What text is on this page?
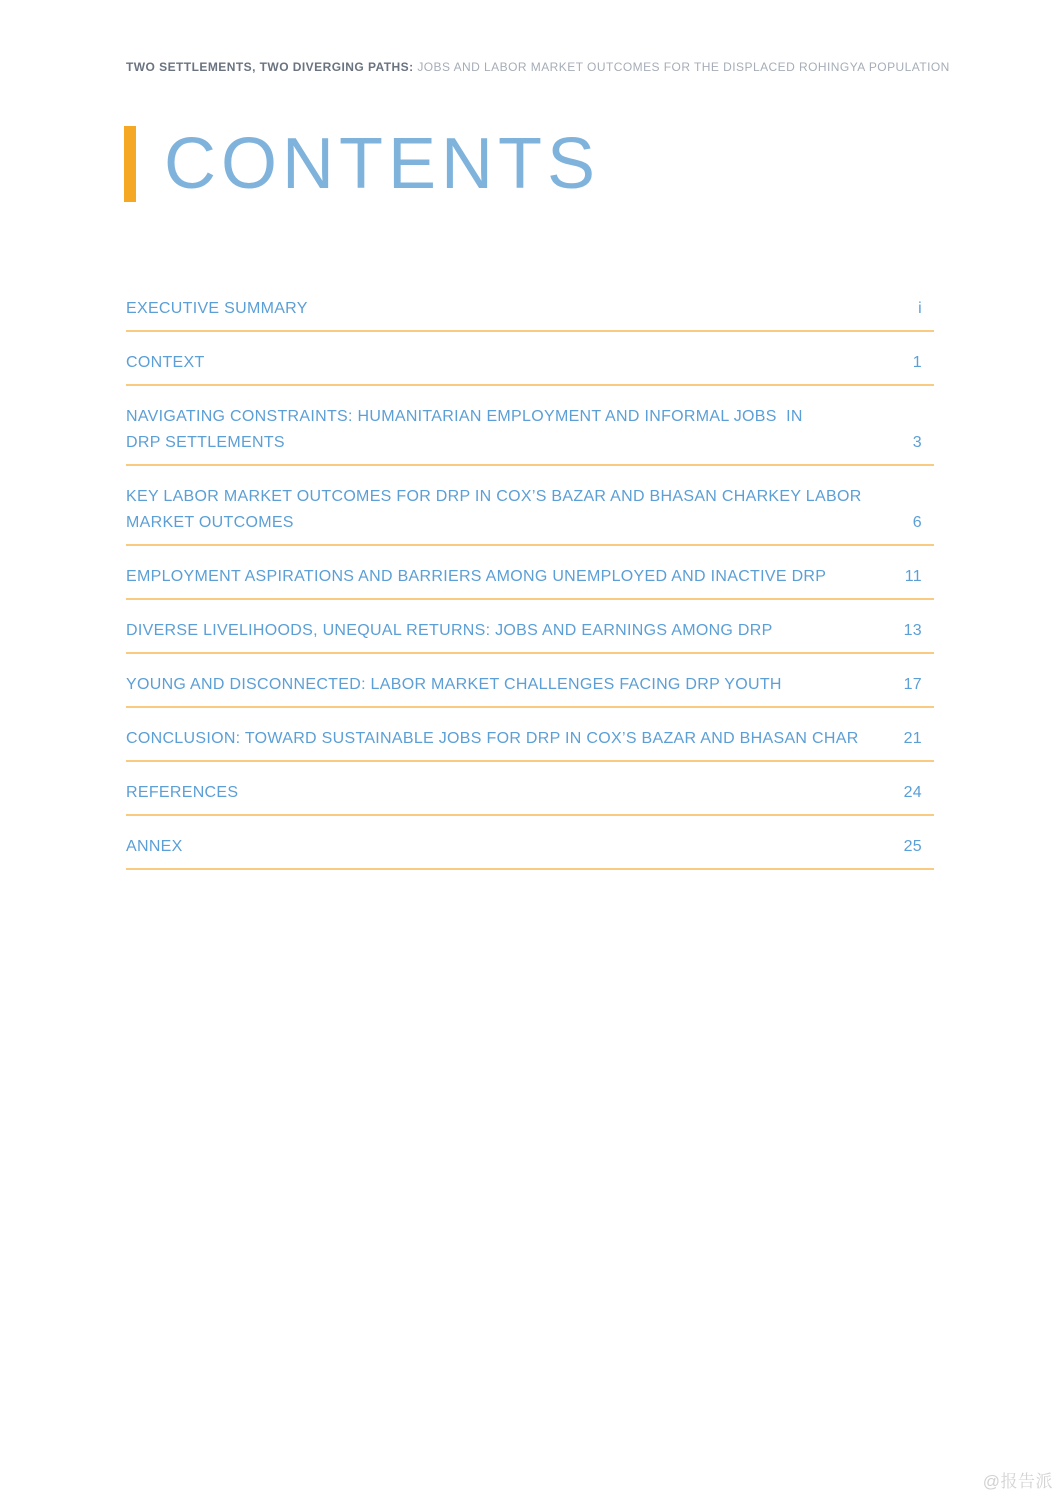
TWO SETTLEMENTS, TWO DIVERGING PATHS: JOBS AND LABOR MARKET OUTCOMES FOR THE DISPLACED ROHINGYA POPULATION
CONTENTS
EXECUTIVE SUMMARY	i
CONTEXT	1
NAVIGATING CONSTRAINTS: HUMANITARIAN EMPLOYMENT AND INFORMAL JOBS  IN
DRP SETTLEMENTS	3
KEY LABOR MARKET OUTCOMES FOR DRP IN COX’S BAZAR AND BHASAN CHARKEY LABOR
MARKET OUTCOMES	6
EMPLOYMENT ASPIRATIONS AND BARRIERS AMONG UNEMPLOYED AND INACTIVE DRP	11
DIVERSE LIVELIHOODS, UNEQUAL RETURNS: JOBS AND EARNINGS AMONG DRP	13
YOUNG AND DISCONNECTED: LABOR MARKET CHALLENGES FACING DRP YOUTH	17
CONCLUSION: TOWARD SUSTAINABLE JOBS FOR DRP IN COX’S BAZAR AND BHASAN CHAR	21
REFERENCES	24
ANNEX	25
@报告派
